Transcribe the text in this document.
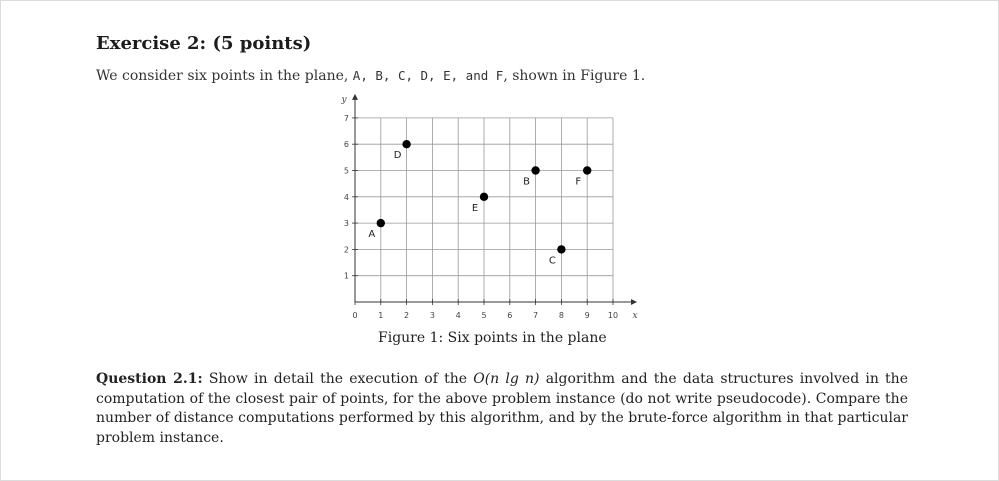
Exercise 2: (5 points)
We consider six points in the plane, A, B, C, D, E, and F, shown in Figure 1.
0	1	2	3	4	5	6	7	8	9 10
1
2
3
4
5
6
7
x
y
A
B
C
D
E
F
Figure 1: Six points in the plane
Question 2.1: Show in detail the execution of the O(n lg n) algorithm and the data structures involved in the computation of the closest pair of points, for the above problem instance (do not write pseudocode). Compare the number of distance computations performed by this algorithm, and by the brute-force algorithm in that particular problem instance.
